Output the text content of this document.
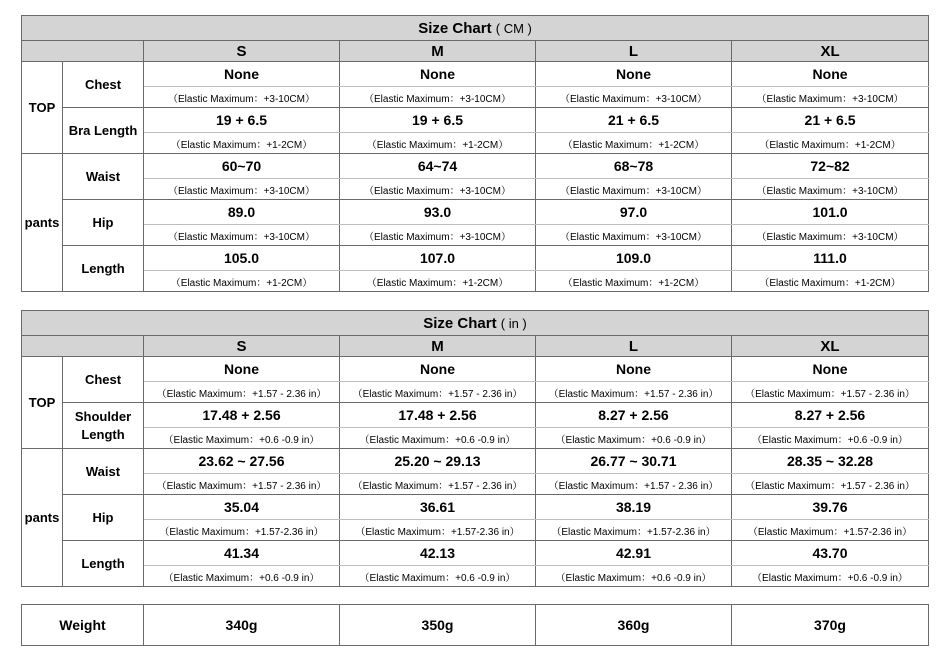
Size Chart ( CM )					
		S	M	L	XL
TOP	Chest	None	None	None	None
		（Elastic Maximum：+3-10CM）	（Elastic Maximum：+3-10CM）	（Elastic Maximum：+3-10CM）	（Elastic Maximum：+3-10CM）
	Bra Length	19 + 6.5	19 + 6.5	21 + 6.5	21 + 6.5
		（Elastic Maximum：+1-2CM）	（Elastic Maximum：+1-2CM）	（Elastic Maximum：+1-2CM）	（Elastic Maximum：+1-2CM）
pants	Waist	60~70	64~74	68~78	72~82
		（Elastic Maximum：+3-10CM）	（Elastic Maximum：+3-10CM）	（Elastic Maximum：+3-10CM）	（Elastic Maximum：+3-10CM）
	Hip	89.0	93.0	97.0	101.0
		（Elastic Maximum：+3-10CM）	（Elastic Maximum：+3-10CM）	（Elastic Maximum：+3-10CM）	（Elastic Maximum：+3-10CM）
	Length	105.0	107.0	109.0	111.0
		（Elastic Maximum：+1-2CM）	（Elastic Maximum：+1-2CM）	（Elastic Maximum：+1-2CM）	（Elastic Maximum：+1-2CM）
Size Chart ( in )					
		S	M	L	XL
TOP	Chest	None	None	None	None
		（Elastic Maximum：+1.57 - 2.36 in）	（Elastic Maximum：+1.57 - 2.36 in）	（Elastic Maximum：+1.57 - 2.36 in）	（Elastic Maximum：+1.57 - 2.36 in）
	Shoulder Length	17.48 + 2.56	17.48 + 2.56	8.27 + 2.56	8.27 + 2.56
		（Elastic Maximum：+0.6 -0.9 in）	（Elastic Maximum：+0.6 -0.9 in）	（Elastic Maximum：+0.6 -0.9 in）	（Elastic Maximum：+0.6 -0.9 in）
pants	Waist	23.62 ~ 27.56	25.20 ~ 29.13	26.77 ~ 30.71	28.35 ~ 32.28
		（Elastic Maximum：+1.57 - 2.36 in）	（Elastic Maximum：+1.57 - 2.36 in）	（Elastic Maximum：+1.57 - 2.36 in）	（Elastic Maximum：+1.57 - 2.36 in）
	Hip	35.04	36.61	38.19	39.76
		（Elastic Maximum：+1.57-2.36 in）	（Elastic Maximum：+1.57-2.36 in）	（Elastic Maximum：+1.57-2.36 in）	（Elastic Maximum：+1.57-2.36 in）
	Length	41.34	42.13	42.91	43.70
		（Elastic Maximum：+0.6 -0.9 in）	（Elastic Maximum：+0.6 -0.9 in）	（Elastic Maximum：+0.6 -0.9 in）	（Elastic Maximum：+0.6 -0.9 in）
Weight	340g	350g	360g	370g
